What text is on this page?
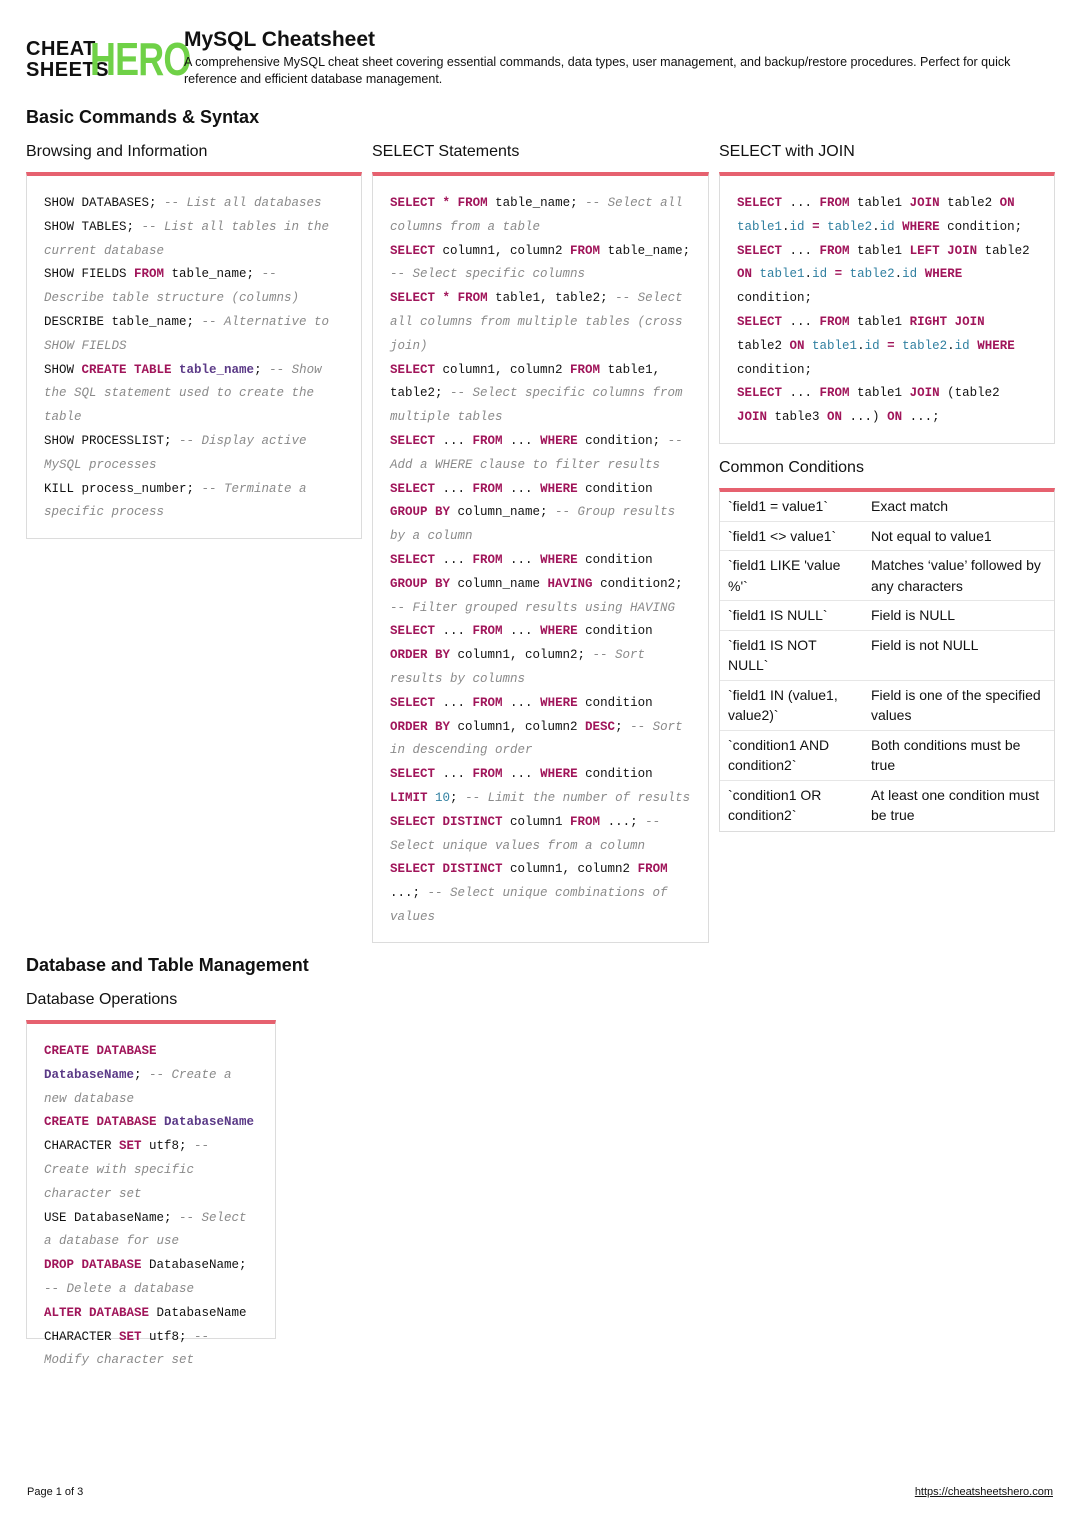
CHEAT
SHEETS
HERO
MySQL Cheatsheet
A comprehensive MySQL cheat sheet covering essential commands, data types, user management, and backup/restore procedures. Perfect for quick reference and efficient database management.
Basic Commands & Syntax
Browsing and Information
SHOW DATABASES; -- List all databases
SHOW TABLES; -- List all tables in the current database
SHOW FIELDS FROM table_name; -- Describe table structure (columns)
DESCRIBE table_name; -- Alternative to SHOW FIELDS
SHOW CREATE TABLE table_name; -- Show the SQL statement used to create the table
SHOW PROCESSLIST; -- Display active MySQL processes
KILL process_number; -- Terminate a specific process
SELECT Statements
SELECT * FROM table_name; -- Select all columns from a table
SELECT column1, column2 FROM table_name; -- Select specific columns
SELECT * FROM table1, table2; -- Select all columns from multiple tables (cross join)
SELECT column1, column2 FROM table1, table2; -- Select specific columns from multiple tables
SELECT ... FROM ... WHERE condition; -- Add a WHERE clause to filter results
SELECT ... FROM ... WHERE condition GROUP BY column_name; -- Group results by a column
SELECT ... FROM ... WHERE condition GROUP BY column_name HAVING condition2; -- Filter grouped results using HAVING
SELECT ... FROM ... WHERE condition ORDER BY column1, column2; -- Sort results by columns
SELECT ... FROM ... WHERE condition ORDER BY column1, column2 DESC; -- Sort in descending order
SELECT ... FROM ... WHERE condition LIMIT 10; -- Limit the number of results
SELECT DISTINCT column1 FROM ...; -- Select unique values from a column
SELECT DISTINCT column1, column2 FROM ...; -- Select unique combinations of values
SELECT with JOIN
SELECT ... FROM table1 JOIN table2 ON table1.id = table2.id WHERE condition;
SELECT ... FROM table1 LEFT JOIN table2 ON table1.id = table2.id WHERE condition;
SELECT ... FROM table1 RIGHT JOIN table2 ON table1.id = table2.id WHERE condition;
SELECT ... FROM table1 JOIN (table2 JOIN table3 ON ...) ON ...;
Common Conditions
`field1 = value1`	Exact match
`field1 <> value1`	Not equal to value1
`field1 LIKE 'value %'`	Matches ‘value’ followed by any characters
`field1 IS NULL`	Field is NULL
`field1 IS NOT NULL`	Field is not NULL
`field1 IN (value1, value2)`	Field is one of the specified values
`condition1 AND condition2`	Both conditions must be true
`condition1 OR condition2`	At least one condition must be true
Database and Table Management
Database Operations
CREATE DATABASE DatabaseName; -- Create a new database
CREATE DATABASE DatabaseName CHARACTER SET utf8; -- Create with specific character set
USE DatabaseName; -- Select a database for use
DROP DATABASE DatabaseName; -- Delete a database
ALTER DATABASE DatabaseName CHARACTER SET utf8; -- Modify character set
Page 1 of 3	https://cheatsheetshero.com
